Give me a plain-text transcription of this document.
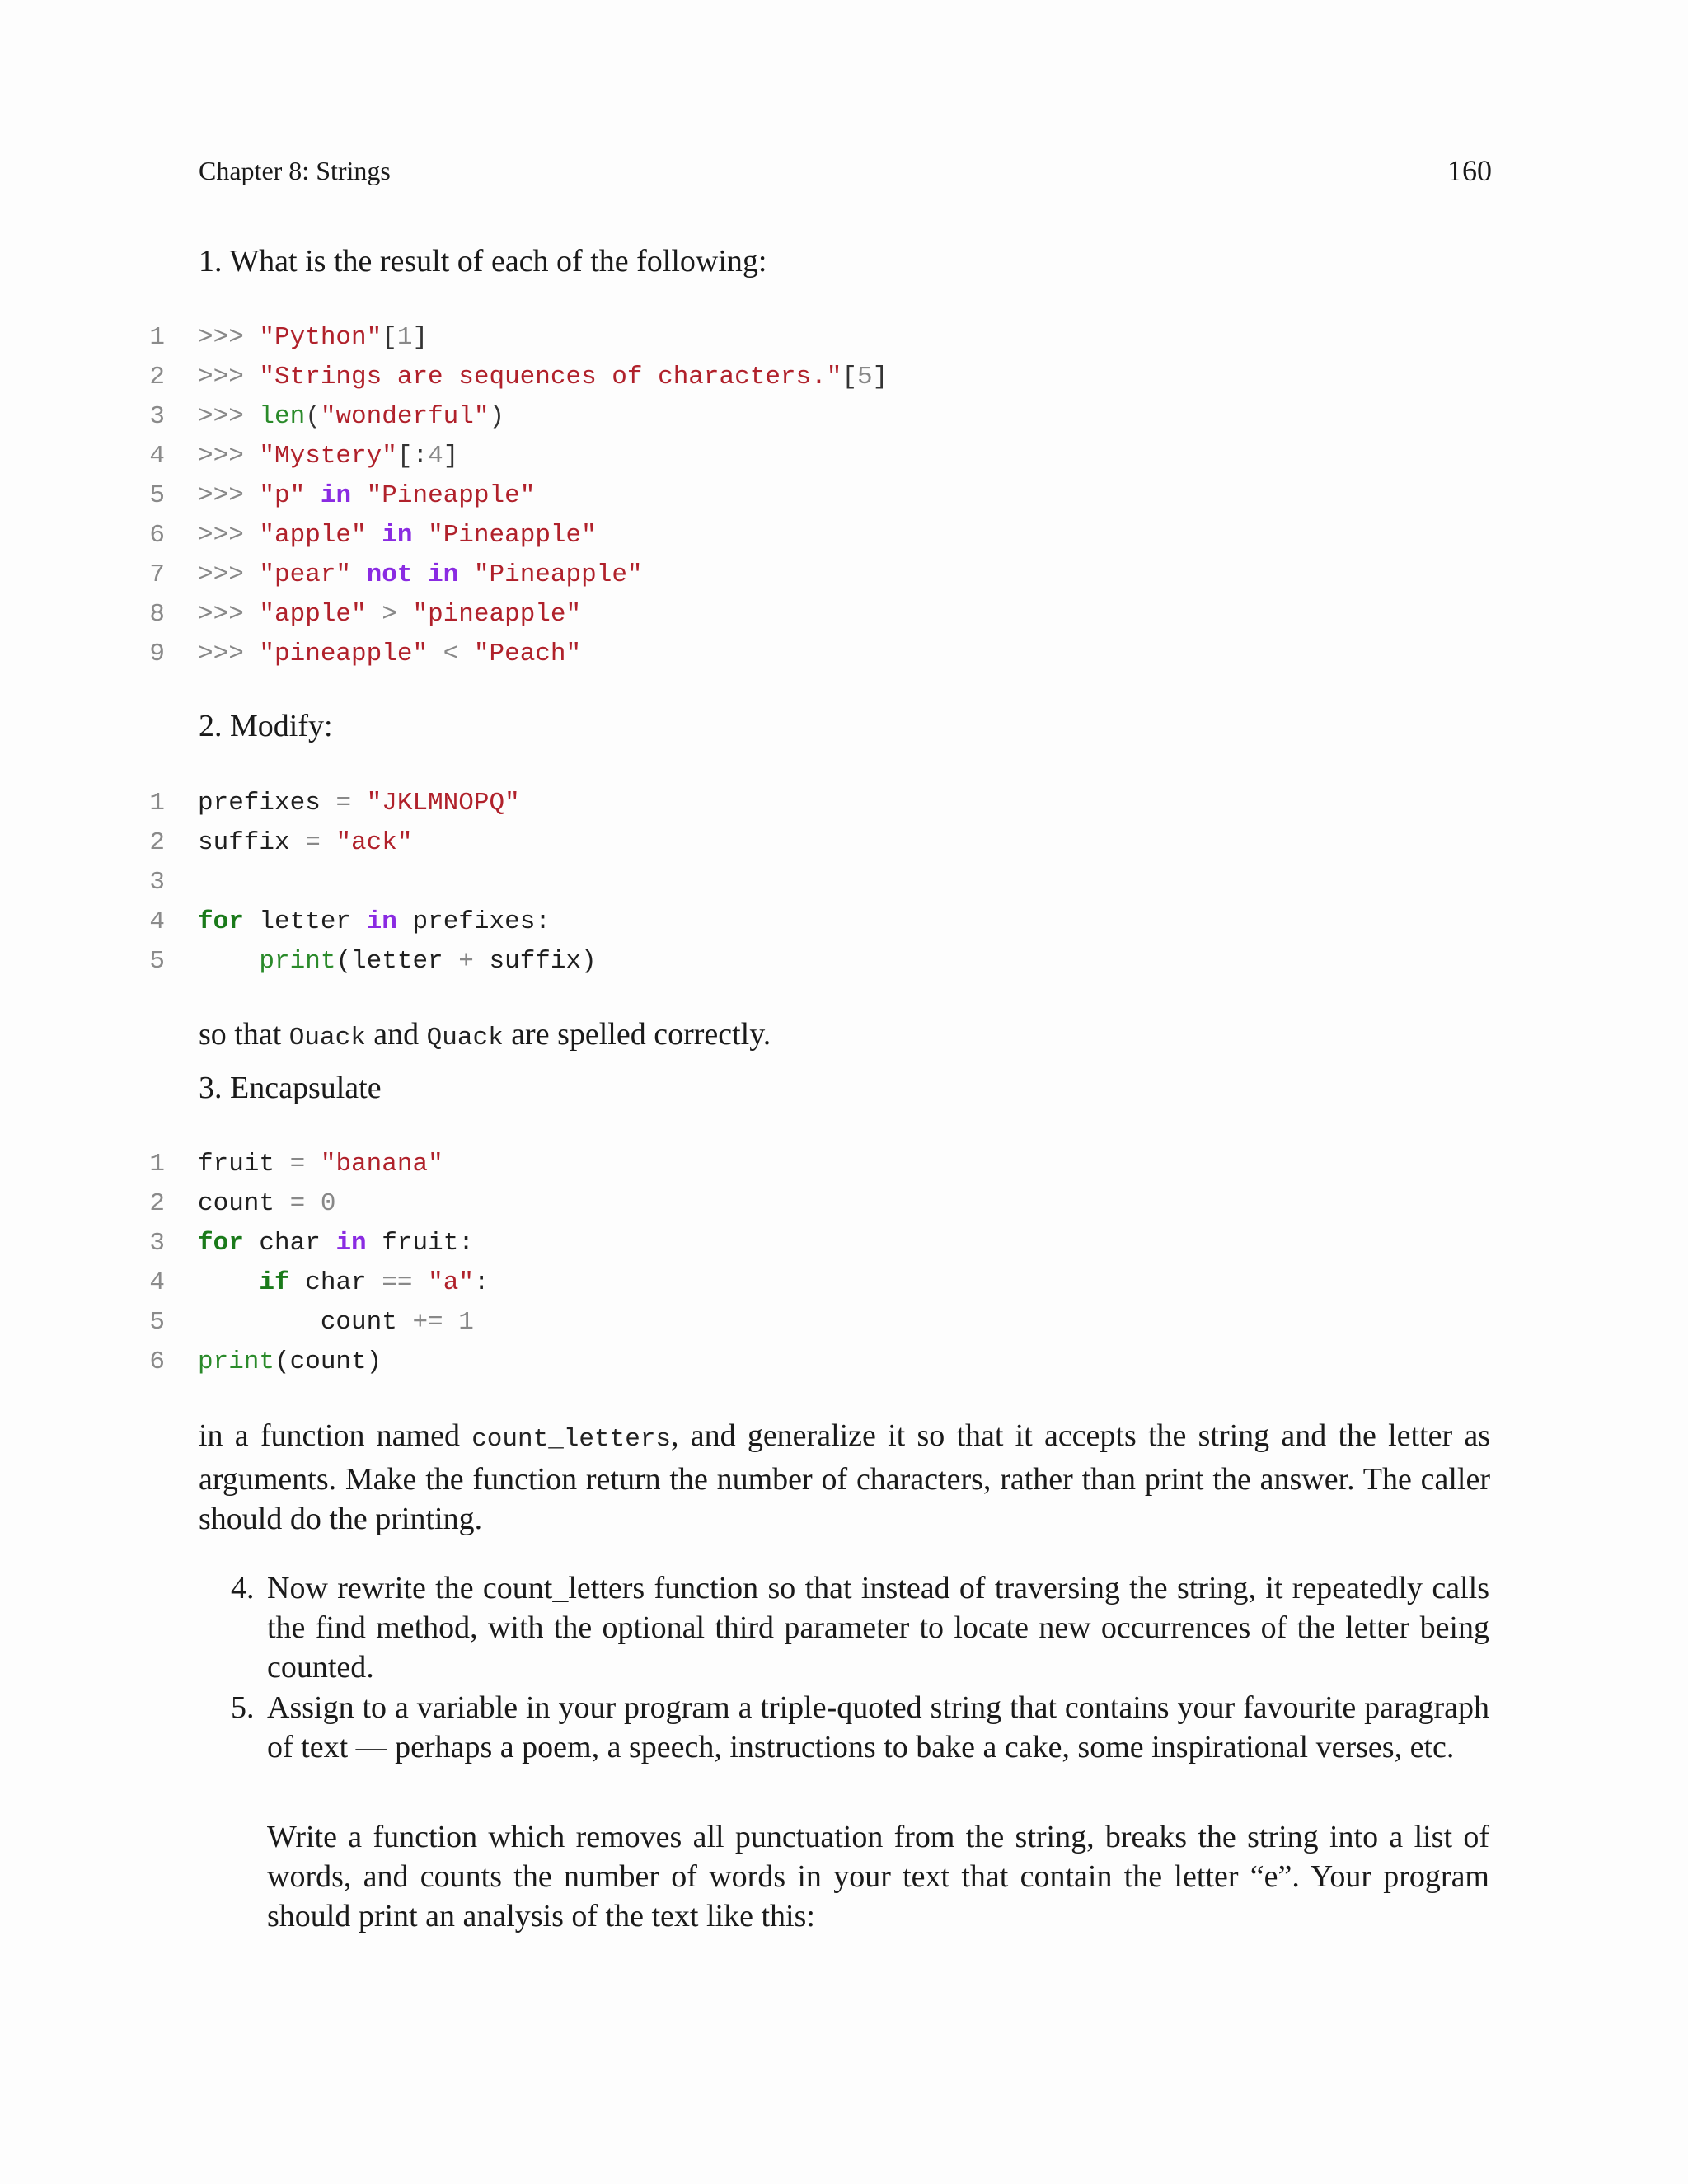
Chapter 8: Strings	160
1. What is the result of each of the following:
1 >>> "Python"[1]
2 >>> "Strings are sequences of characters."[5]
3 >>> len("wonderful")
4 >>> "Mystery"[:4]
5 >>> "p" in "Pineapple"
6 >>> "apple" in "Pineapple"
7 >>> "pear" not in "Pineapple"
8 >>> "apple" > "pineapple"
9 >>> "pineapple" < "Peach"
2. Modify:
1 prefixes = "JKLMNOPQ"
2 suffix = "ack"
3
4 for letter in prefixes:
5	print(letter + suffix)
so that Ouack and Quack are spelled correctly.
3. Encapsulate
1 fruit = "banana"
2 count = 0
3 for char in fruit:
4	if char == "a":
5	count += 1
6 print(count)
in a function named count_letters, and generalize it so that it accepts the string and the letter as arguments. Make the function return the number of characters, rather than print the answer. The caller should do the printing.
4. Now rewrite the count_letters function so that instead of traversing the string, it repeatedly calls the find method, with the optional third parameter to locate new occurrences of the letter being counted.
5. Assign to a variable in your program a triple-quoted string that contains your favourite paragraph of text — perhaps a poem, a speech, instructions to bake a cake, some inspirational verses, etc.
Write a function which removes all punctuation from the string, breaks the string into a list of words, and counts the number of words in your text that contain the letter “e”. Your program should print an analysis of the text like this:
